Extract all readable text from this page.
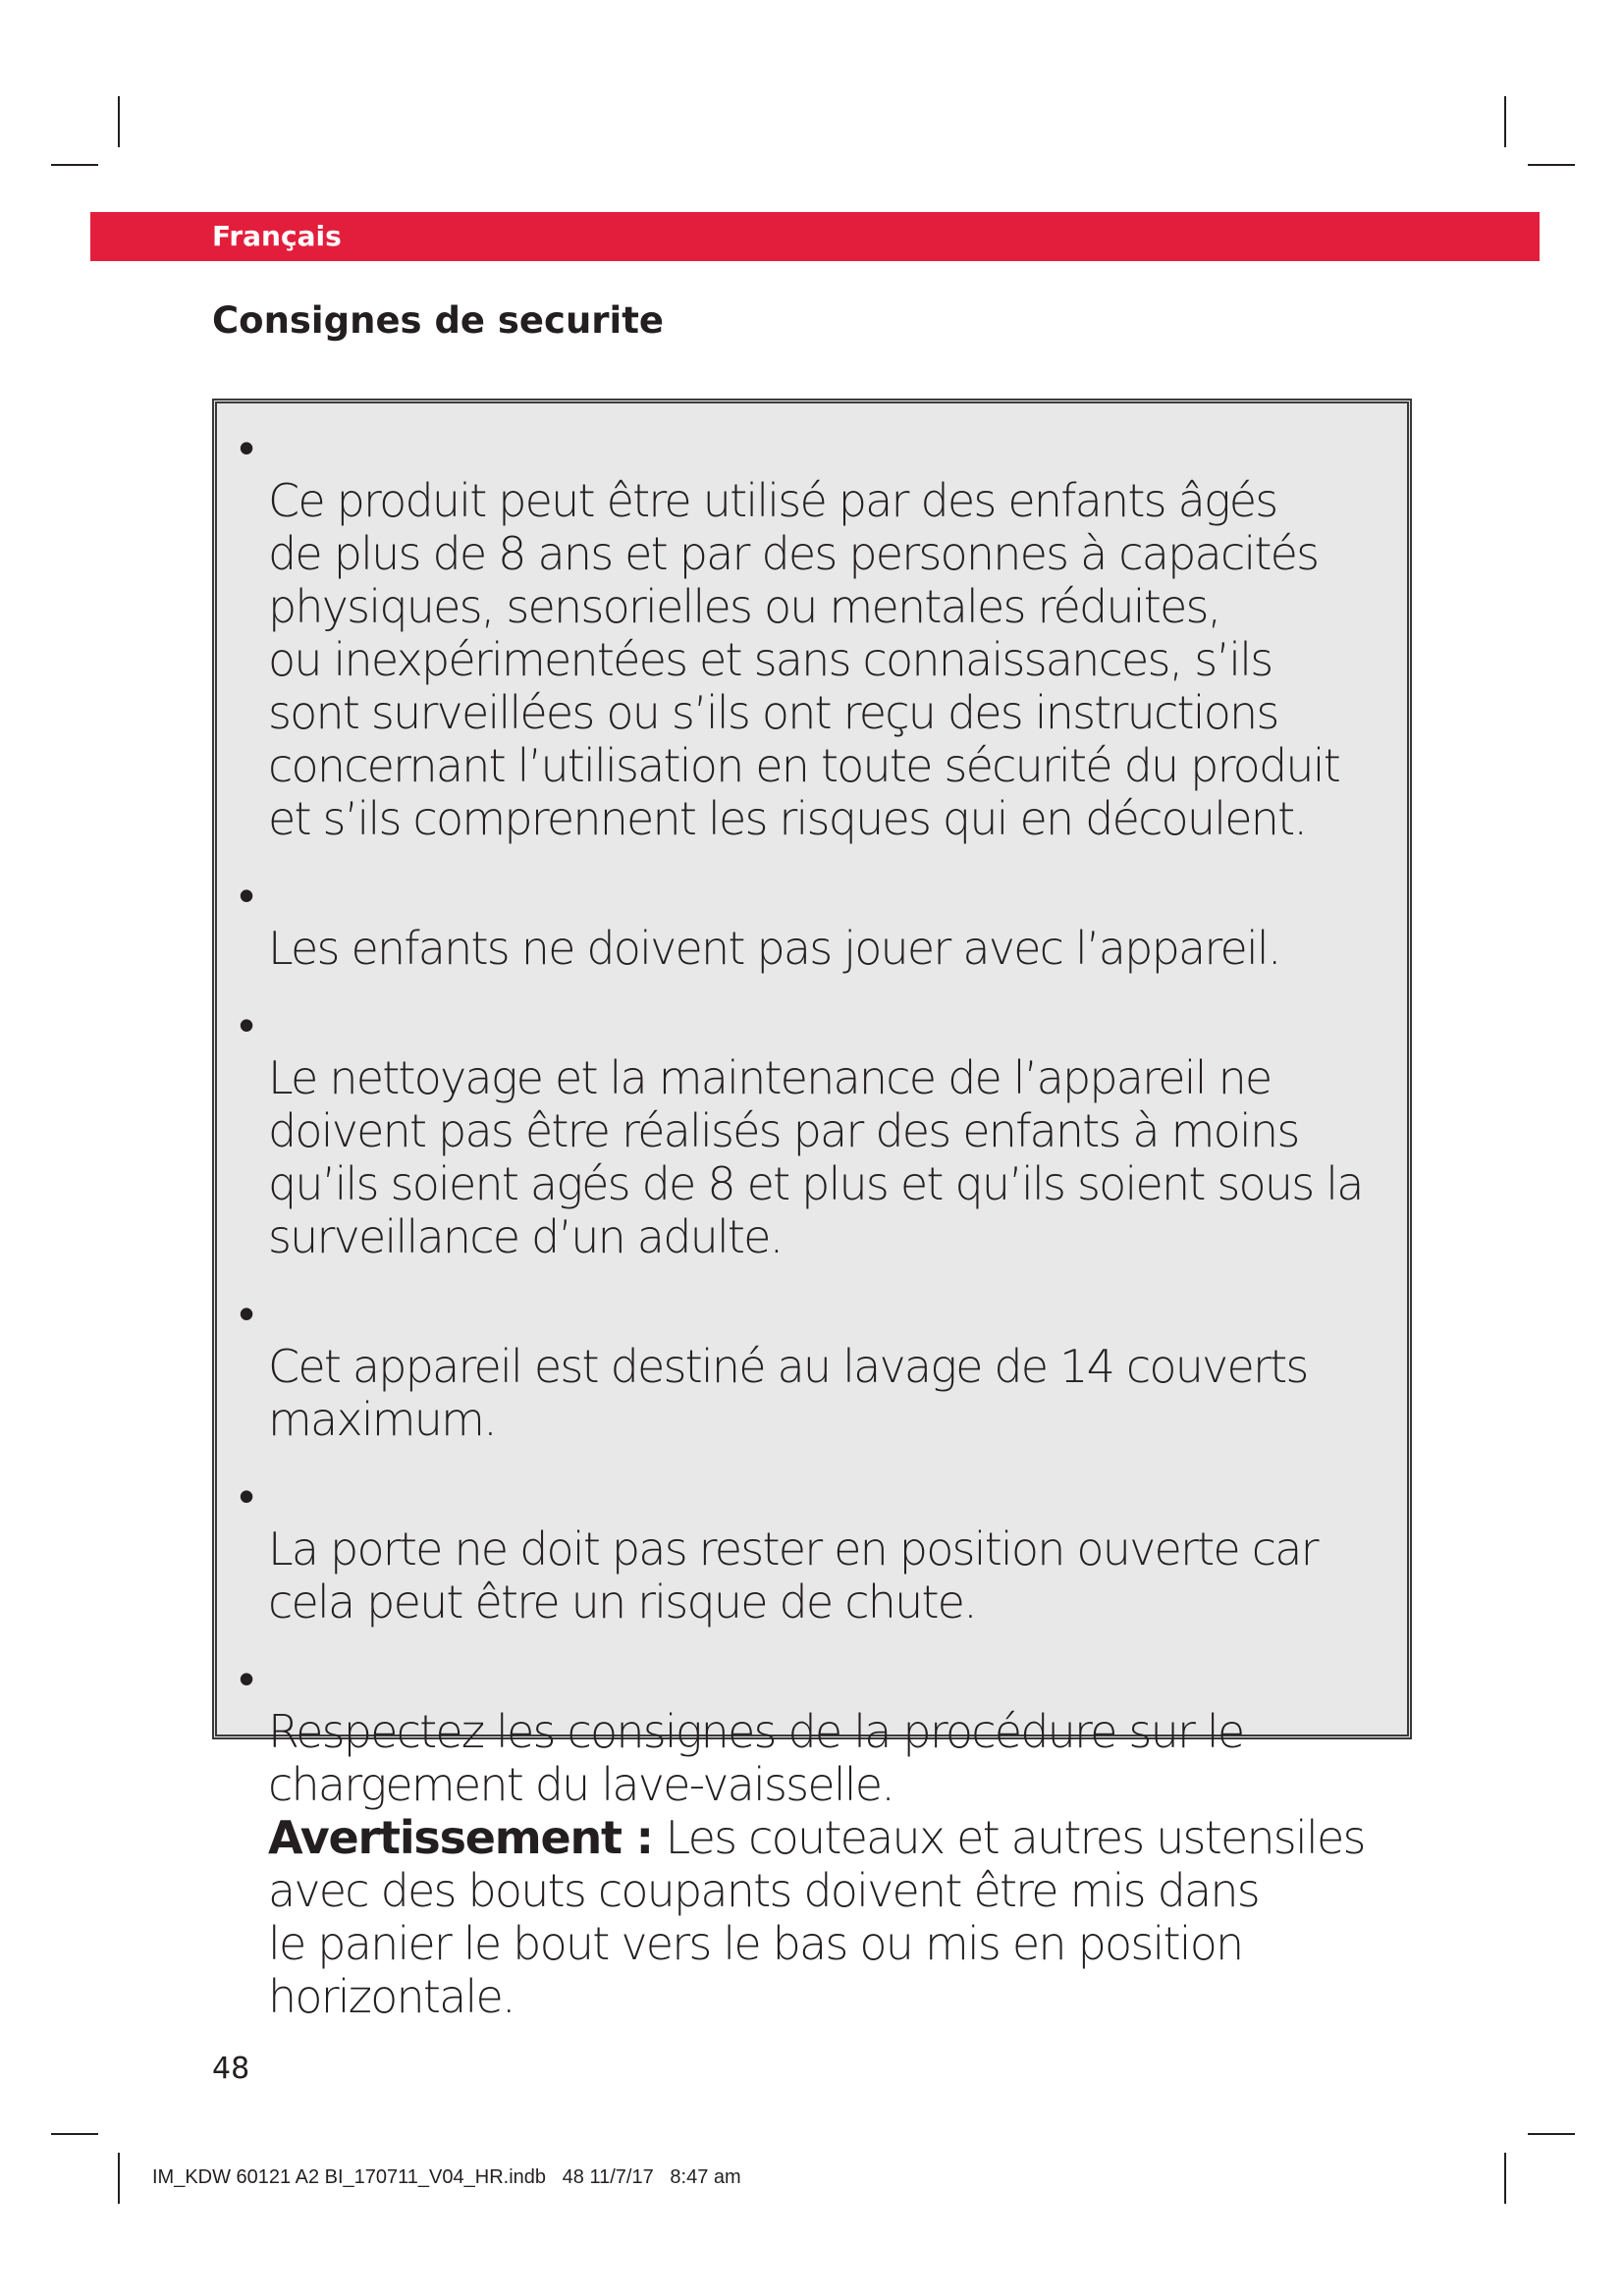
Français
Consignes de securite

•
Ce produit peut être utilisé par des enfants âgés
de plus de 8 ans et par des personnes à capacités
physiques, sensorielles ou mentales réduites,
ou inexpérimentées et sans connaissances, s’ils
sont surveillées ou s’ils ont reçu des instructions
concernant l’utilisation en toute sécurité du produit
et s’ils comprennent les risques qui en découlent.

•
Les enfants ne doivent pas jouer avec l’appareil.

•
Le nettoyage et la maintenance de l’appareil ne
doivent pas être réalisés par des enfants à moins
qu’ils soient agés de 8 et plus et qu’ils soient sous la
surveillance d’un adulte.

•
Cet appareil est destiné au lavage de 14 couverts
maximum.

•
La porte ne doit pas rester en position ouverte car
cela peut être un risque de chute.

•
Respectez les consignes de la procédure sur le
chargement du lave-vaisselle.

Avertissement : Les couteaux et autres ustensiles
avec des bouts coupants doivent être mis dans
le panier le bout vers le bas ou mis en position
horizontale.

48
IM_KDW 60121 A2 BI_170711_V04_HR.indb   48 11/7/17   8:47 am
